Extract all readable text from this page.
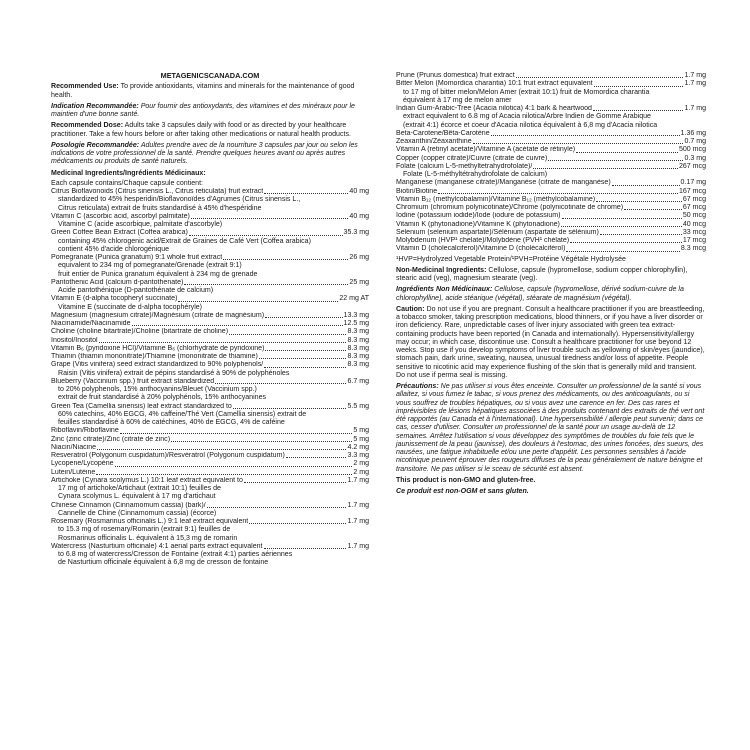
METAGENICSCANADA.COM

Recommended Use: To provide antioxidants, vitamins and minerals for the maintenance of good health.

Indication Recommandée: Pour fournir des antioxydants, des vitamines et des minéraux pour le maintien d'une bonne santé.

Recommended Dose: Adults take 3 capsules daily with food or as directed by your healthcare practitioner. Take a few hours before or after taking other medications or natural health products.

Posologie Recommandée: Adultes prendre avec de la nourriture 3 capsules par jour ou selon les indications de votre professionnel de la santé. Prendre quelques heures avant ou après autres médicaments ou produits de santé naturels.

Medicinal Ingredients/Ingrédients Médicinaux:
Each capsule contains/Chaque capsule contient:
Citrus Bioflavonoids (Citrus sinensis L., Citrus reticulata) fruit extract	40 mg
standardized to 45% hesperidin/Bioflavonoïdes d'Agrumes (Citrus sinensis L.,
Citrus reticulata) extrait de fruits standardisé à 45% d'hespéridine
Vitamin C (ascorbic acid, ascorbyl palmitate)	40 mg
Vitamine C (acide ascorbique, palmitate d'ascorbyle)
Green Coffee Bean Extract (Coffea arabica)	35.3 mg
containing 45% chlorogenic acid/Extrait de Graines de Café Vert (Coffea arabica)
contient 45% d'acide chlorogénique
Pomegranate (Punica granatum) 9:1 whole fruit extract	26 mg
equivalent to 234 mg of pomegranate/Grenade (extrait 9:1)
fruit entier de Punica granatum équivalent à 234 mg de grenade
Pantothenic Acid (calcium d-pantothenate)	25 mg
Acide pantothénique (D-pantothénate de calcium)
Vitamin E (d-alpha tocopheryl succinate)	22 mg AT
Vitamine E (succinate de d-alpha tocophéryle)
Magnesium (magnesium citrate)/Magnésium (citrate de magnésium)	13.3 mg
Niacinamide/Niacinamide	12.5 mg
Choline (choline bitartrate)/Choline (bitartrate de choline)	8.3 mg
Inositol/Inositol	8.3 mg
Vitamin B₆ (pyridoxine HCl)/Vitamine B₆ (chlorhydrate de pyridoxine)	8.3 mg
Thiamin (thiamin mononitrate)/Thiamine (mononitrate de thiamine)	8.3 mg
Grape (Vitis vinifera) seed extract standardized to 90% polyphenols/	8.3 mg
Raisin (Vitis vinifera) extrait de pépins standardisé à 90% de polyphénoles
Blueberry (Vaccinium spp.) fruit extract standardized	6.7 mg
to 20% polyphenols, 15% anthocyanins/Bleuet (Vaccinium spp.)
extrait de fruit standardisé à 20% polyphénols, 15% anthocyanines
Green Tea (Camellia sinensis) leaf extract standardized to	5.5 mg
60% catechins, 40% EGCG, 4% caffeine/Thé Vert (Camellia sinensis) extrait de
feuilles standardisé à 60% de catéchines, 40% de EGCG, 4% de caféine
Riboflavin/Riboflavine	5 mg
Zinc (zinc citrate)/Zinc (citrate de zinc)	5 mg
Niacin/Niacine	4.2 mg
Resveratrol (Polygonum cuspidatum)/Resvératrol (Polygonum cuspidatum)	3.3 mg
Lycopene/Lycopène	2 mg
Lutein/Lutéine	2 mg
Artichoke (Cynara scolymus L.) 10:1 leaf extract equivalent to	1.7 mg
17 mg of artichoke/Artichaut (extrait 10:1) feuilles de
Cynara scolymus L. équivalent à 17 mg d'artichaut
Chinese Cinnamon (Cinnamomum cassia) (bark)/	1.7 mg
Cannelle de Chine (Cinnamomum cassia) (écorce)
Rosemary (Rosmarinus officinalis L.) 9:1 leaf extract equivalent	1.7 mg
to 15.3 mg of rosemary/Romarin (extrait 9:1) feuilles de
Rosmarinus officinalis L. équivalent à 15,3 mg de romarin
Watercress (Nasturtium officinale) 4:1 aerial parts extract equivalent	1.7 mg
to 6.8 mg of watercress/Cresson de Fontaine (extrait 4:1) parties aériennes
de Nasturtium officinale équivalent à 6,8 mg de cresson de fontaine
Prune (Prunus domestica) fruit extract	1.7 mg
Bitter Melon (Momordica charantia) 10:1 fruit extract equivalent	1.7 mg
to 17 mg of bitter melon/Melon Amer (extrait 10:1) fruit de Momordica charantia
équivalent à 17 mg de melon amer
Indian Gum-Arabic-Tree (Acacia nilotica) 4:1 bark & heartwood	1.7 mg
extract equivalent to 6.8 mg of Acacia nilotica/Arbre Indien de Gomme Arabique
(extrait 4:1) écorce et coeur d'Acacia nilotica équivalent à 6,8 mg d'Acacia nilotica
Beta-Carotene/Bêta-Carotène	1.36 mg
Zeaxanthin/Zéaxanthine	0.7 mg
Vitamin A (retinyl acetate)/Vitamine A (acétate de rétinyle)	500 mcg
Copper (copper citrate)/Cuivre (citrate de cuivre)	0.3 mg
Folate (calcium L-5-methyltetrahydrofolate)/	267 mcg
Folate (L-5-méthyltétrahydrofolate de calcium)
Manganese (manganese citrate)/Manganèse (citrate de manganèse)	0.17 mg
Biotin/Biotine	167 mcg
Vitamin B₁₂ (methylcobalamin)/Vitamine B₁₂ (méthylcobalamine)	67 mcg
Chromium (chromium polynicotinate)/Chrome (polynicotinate de chrome)	67 mcg
Iodine (potassium iodide)/Iode (iodure de potassium)	50 mcg
Vitamin K (phytonadione)/Vitamine K (phytonadione)	40 mcg
Selenium (selenium aspartate)/Sélénium (aspartate de sélénium)	33 mcg
Molybdenum (HVP¹ chelate)/Molybdène (PVH¹ chélate)	17 mcg
Vitamin D (cholecalciferol)/Vitamine D (cholécalciférol)	8.3 mcg

¹HVP=Hydrolyzed Vegetable Protein/¹PVH=Protéine Végétale Hydrolysée

Non-Medicinal Ingredients: Cellulose, capsule (hypromellose, sodium copper chlorophyllin), stearic acid (veg), magnesium stearate (veg).

Ingrédients Non Médicinaux: Cellulose, capsule (hypromellose, dérivé sodium-cuivre de la chlorophylline), acide stéarique (végétal), stéarate de magnésium (végétal).

Caution: Do not use if you are pregnant. Consult a healthcare practitioner if you are breastfeeding, a tobacco smoker, taking prescription medications, blood thinners, or if you have a liver disorder or iron deficiency. Rare, unpredictable cases of liver injury associated with green tea extract-containing products have been reported (in Canada and internationally). Hypersensitivity/allergy may occur; in which case, discontinue use. Consult a healthcare practitioner for use beyond 12 weeks. Stop use if you develop symptoms of liver trouble such as yellowing of skin/eyes (jaundice), stomach pain, dark urine, sweating, nausea, unusual tiredness and/or loss of appetite. People sensitive to nicotinic acid may experience flushing of the skin that is generally mild and transient. Do not use if perma seal is missing.

Précautions: Ne pas utiliser si vous êtes enceinte. Consulter un professionnel de la santé si vous allaitez, si vous fumez le tabac, si vous prenez des médicaments, ou des anticoagulants, ou si vous souffrez de troubles hépatiques, ou si vous avez une carence en fer. Des cas rares et imprévisibles de lésions hépatiques associées à des produits contenant des extraits de thé vert ont été rapportés (au Canada et à l'international). Une hypersensibilité / allergie peut survenir; dans ce cas, cesser d'utiliser. Consulter un professionnel de la santé pour un usage au-delà de 12 semaines. Arrêtez l'utilisation si vous développez des symptômes de troubles du foie tels que le jaunissement de la peau (jaunisse), des douleurs à l'estomac, des urines foncées, des sueurs, des nausées, une fatigue inhabituelle et/ou une perte d'appétit. Les personnes sensibles à l'acide nicotinique peuvent éprouver des rougeurs diffuses de la peau généralement de nature bénigne et transitoire. Ne pas utiliser si le sceau de sécurité est absent.

This product is non-GMO and gluten-free.

Ce produit est non-OGM et sans gluten.
